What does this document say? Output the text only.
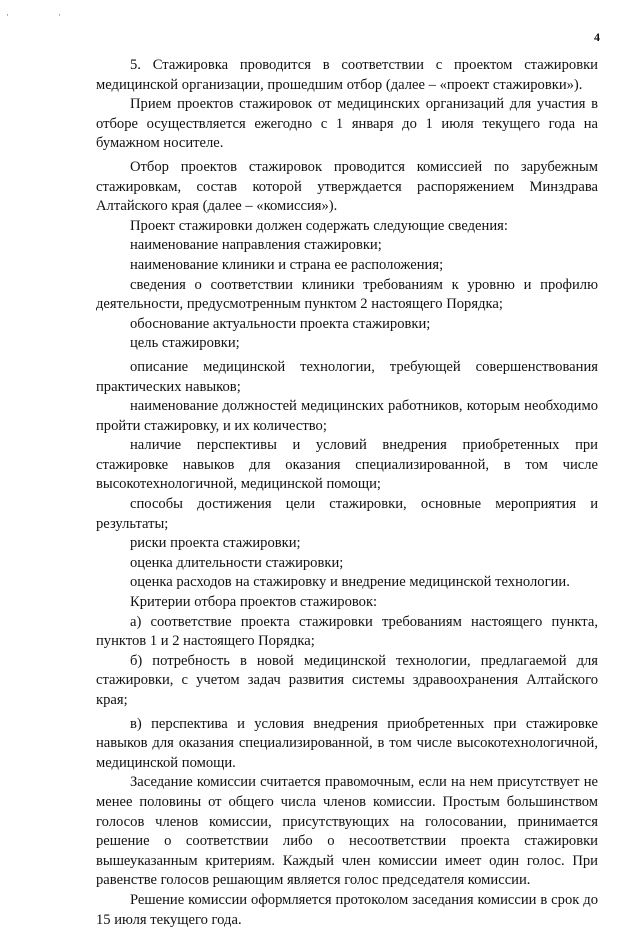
·	·
4

5. Стажировка проводится в соответствии с проектом стажировки медицинской организации, прошедшим отбор (далее – «проект стажировки»).

Прием проектов стажировок от медицинских организаций для участия в отборе осуществляется ежегодно с 1 января до 1 июля текущего года на бумажном носителе.

Отбор проектов стажировок проводится комиссией по зарубежным стажировкам, состав которой утверждается распоряжением Минздрава Алтайского края (далее – «комиссия»).

Проект стажировки должен содержать следующие сведения:

наименование направления стажировки;

наименование клиники и страна ее расположения;

сведения о соответствии клиники требованиям к уровню и профилю деятельности, предусмотренным пунктом 2 настоящего Порядка;

обоснование актуальности проекта стажировки;

цель стажировки;

описание медицинской технологии, требующей совершенствования практических навыков;

наименование должностей медицинских работников, которым необходимо пройти стажировку, и их количество;

наличие перспективы и условий внедрения приобретенных при стажировке навыков для оказания специализированной, в том числе высокотехнологичной, медицинской помощи;

способы достижения цели стажировки, основные мероприятия и результаты;

риски проекта стажировки;

оценка длительности стажировки;

оценка расходов на стажировку и внедрение медицинской технологии.

Критерии отбора проектов стажировок:

а) соответствие проекта стажировки требованиям настоящего пункта, пунктов 1 и 2 настоящего Порядка;

б) потребность в новой медицинской технологии, предлагаемой для стажировки, с учетом задач развития системы здравоохранения Алтайского края;

в) перспектива и условия внедрения приобретенных при стажировке навыков для оказания специализированной, в том числе высокотехнологичной, медицинской помощи.

Заседание комиссии считается правомочным, если на нем присутствует не менее половины от общего числа членов комиссии. Простым большинством голосов членов комиссии, присутствующих на голосовании, принимается решение о соответствии либо о несоответствии проекта стажировки вышеуказанным критериям. Каждый член комиссии имеет один голос. При равенстве голосов решающим является голос председателя комиссии.

Решение комиссии оформляется протоколом заседания комиссии в срок до 15 июля текущего года.
